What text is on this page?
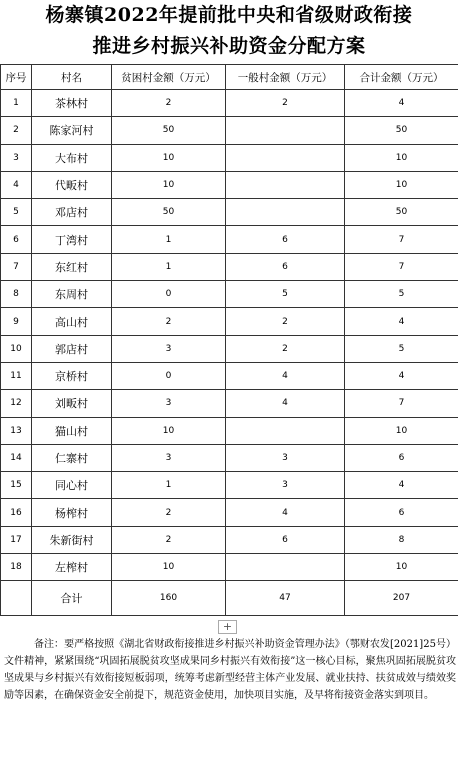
杨寨镇2022年提前批中央和省级财政衔接
推进乡村振兴补助资金分配方案
序号	村名	贫困村金额（万元）	一般村金额（万元）	合计金额（万元）
1	茶林村	2	2	4
2	陈家河村	50		50
3	大布村	10		10
4	代畈村	10		10
5	邓店村	50		50
6	丁湾村	1	6	7
7	东红村	1	6	7
8	东周村	0	5	5
9	高山村	2	2	4
10	郭店村	3	2	5
11	京桥村	0	4	4
12	刘畈村	3	4	7
13	猫山村	10		10
14	仁寨村	3	3	6
15	同心村	1	3	4
16	杨榨村	2	4	6
17	朱新街村	2	6	8
18	左榨村	10		10
	合计	160	47	207
+
备注：要严格按照《湖北省财政衔接推进乡村振兴补助资金管理办法》（鄂财农发[2021]25号）文件精神，紧紧围绕“巩固拓展脱贫攻坚成果同乡村振兴有效衔接”这一核心目标，聚焦巩固拓展脱贫攻坚成果与乡村振兴有效衔接短板弱项，统筹考虑新型经营主体产业发展、就业扶持、扶贫成效与绩效奖励等因素，在确保资金安全前提下，规范资金使用，加快项目实施，及早将衔接资金落实到项目。
